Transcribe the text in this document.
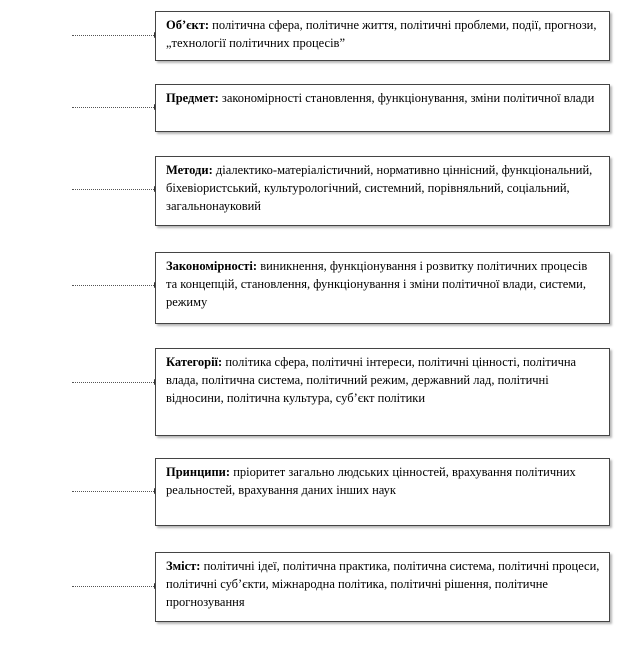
Об’єкт: політична сфера, політичне життя, політичні проблеми, події, прогнози, „технології політичних процесів”
Предмет: закономірності становлення, функціонування, зміни політичної влади
Методи: діалектико-матеріалістичний, нормативно ціннісний, функціональний, біхевіористський, культурологічний, системний, порівняльний, соціальний, загальнонауковий
Закономірності: виникнення, функціонування і розвитку політичних процесів та концепцій, становлення, функціонування і зміни політичної влади, системи, режиму
Категорії: політика сфера, політичні інтереси, політичні цінності, політична влада, політична система, політичний режим, державний лад, політичні відносини, політична культура, суб’єкт політики
Принципи: пріоритет загально людських цінностей, врахування політичних реальностей, врахування даних інших наук
Зміст: політичні ідеї, політична практика, політична система, політичні процеси, політичні суб’єкти, міжнародна політика, політичні рішення, політичне прогнозування
